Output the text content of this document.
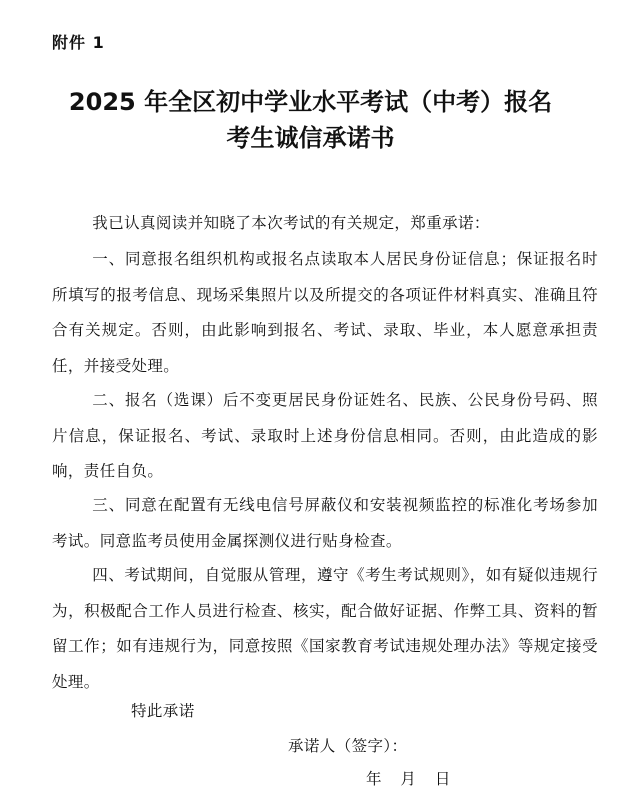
附件 1
2025 年全区初中学业水平考试（中考）报名
考生诚信承诺书

我已认真阅读并知晓了本次考试的有关规定，郑重承诺：

一、同意报名组织机构或报名点读取本人居民身份证信息；保证报名时所填写的报考信息、现场采集照片以及所提交的各项证件材料真实、准确且符合有关规定。否则，由此影响到报名、考试、录取、毕业，本人愿意承担责任，并接受处理。

二、报名（选课）后不变更居民身份证姓名、民族、公民身份号码、照片信息，保证报名、考试、录取时上述身份信息相同。否则，由此造成的影响，责任自负。

三、同意在配置有无线电信号屏蔽仪和安装视频监控的标准化考场参加考试。同意监考员使用金属探测仪进行贴身检查。

四、考试期间，自觉服从管理，遵守《考生考试规则》，如有疑似违规行为，积极配合工作人员进行检查、核实，配合做好证据、作弊工具、资料的暂留工作；如有违规行为，同意按照《国家教育考试违规处理办法》等规定接受处理。

特此承诺
承诺人（签字）：
年 月 日
